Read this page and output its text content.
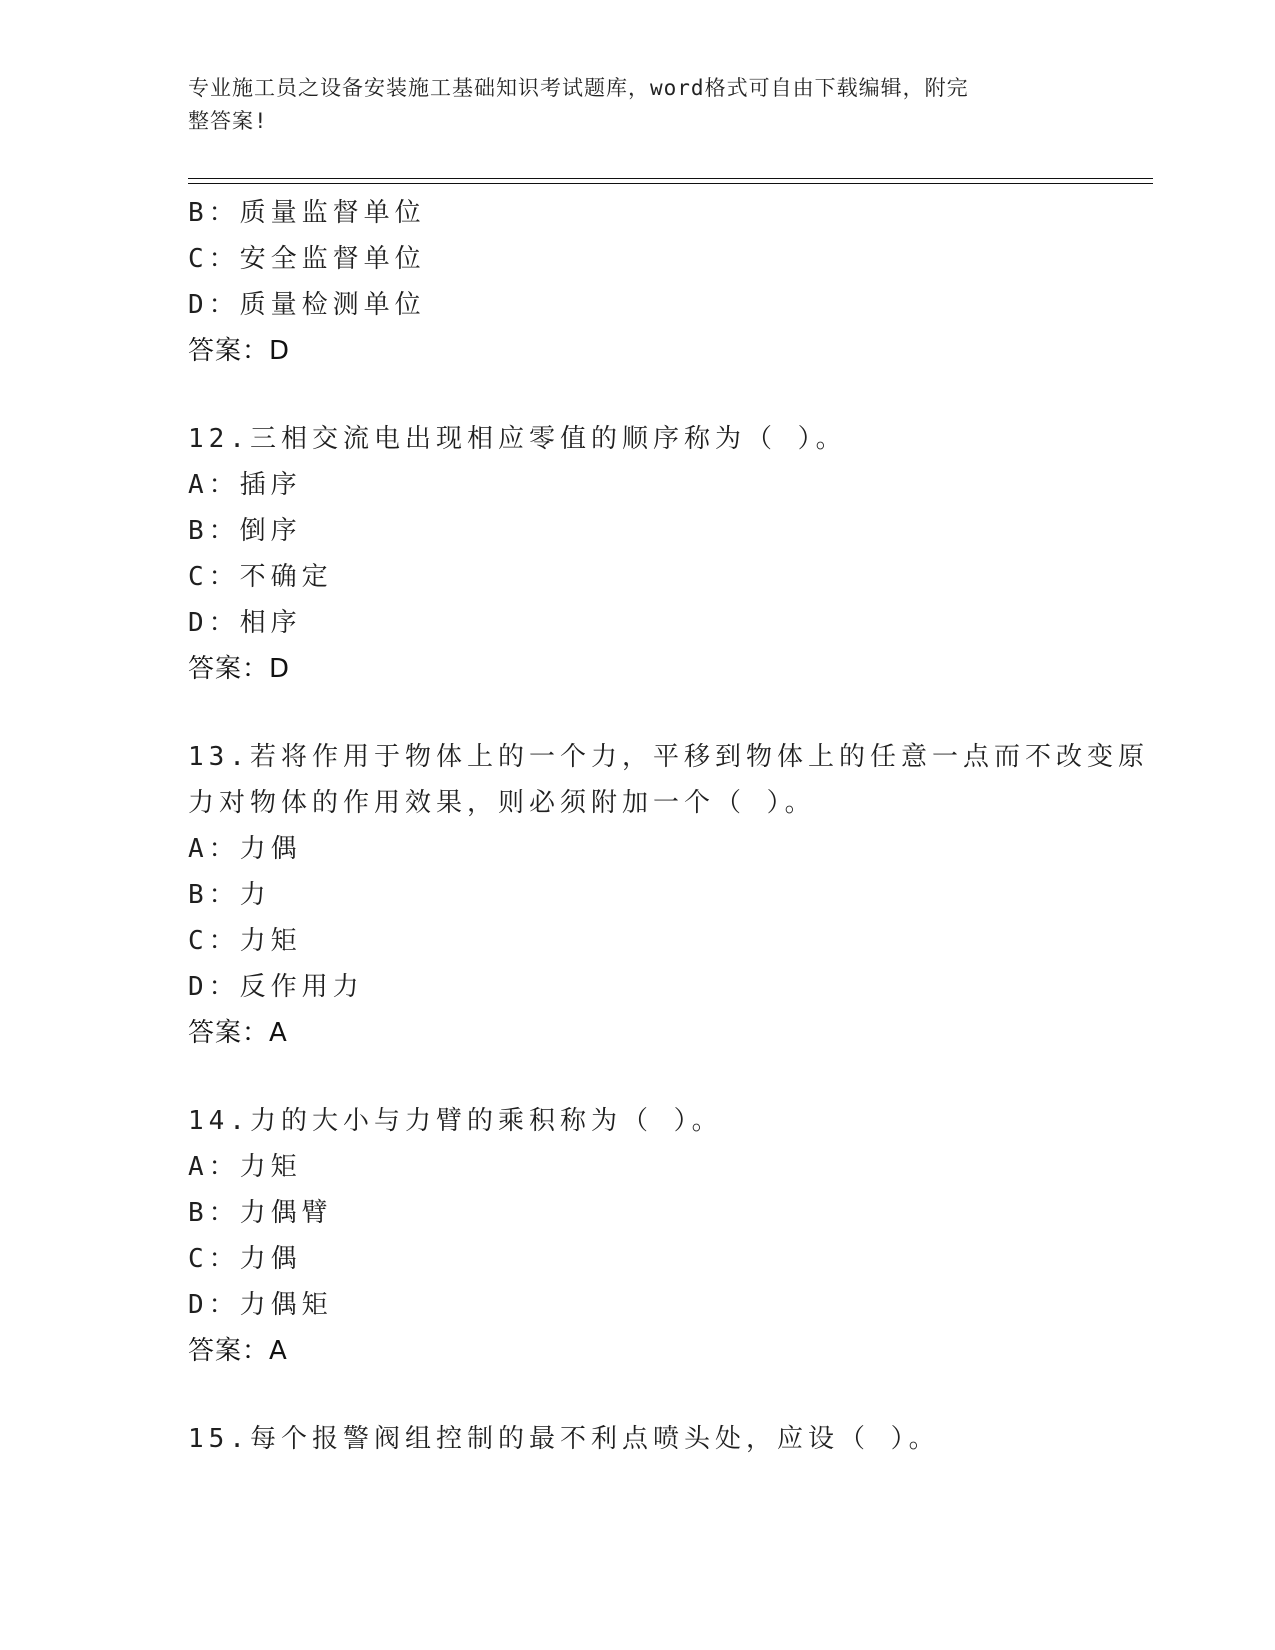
专业施工员之设备安装施工基础知识考试题库，word格式可自由下载编辑，附完
整答案!
B：质量监督单位
C：安全监督单位
D：质量检测单位
答案：D
12.三相交流电出现相应零值的顺序称为（ ）。
A：插序
B：倒序
C：不确定
D：相序
答案：D
13.若将作用于物体上的一个力，平移到物体上的任意一点而不改变原
力对物体的作用效果，则必须附加一个（ ）。
A：力偶
B：力
C：力矩
D：反作用力
答案：A
14.力的大小与力臂的乘积称为（ ）。
A：力矩
B：力偶臂
C：力偶
D：力偶矩
答案：A
15.每个报警阀组控制的最不利点喷头处，应设（ ）。
